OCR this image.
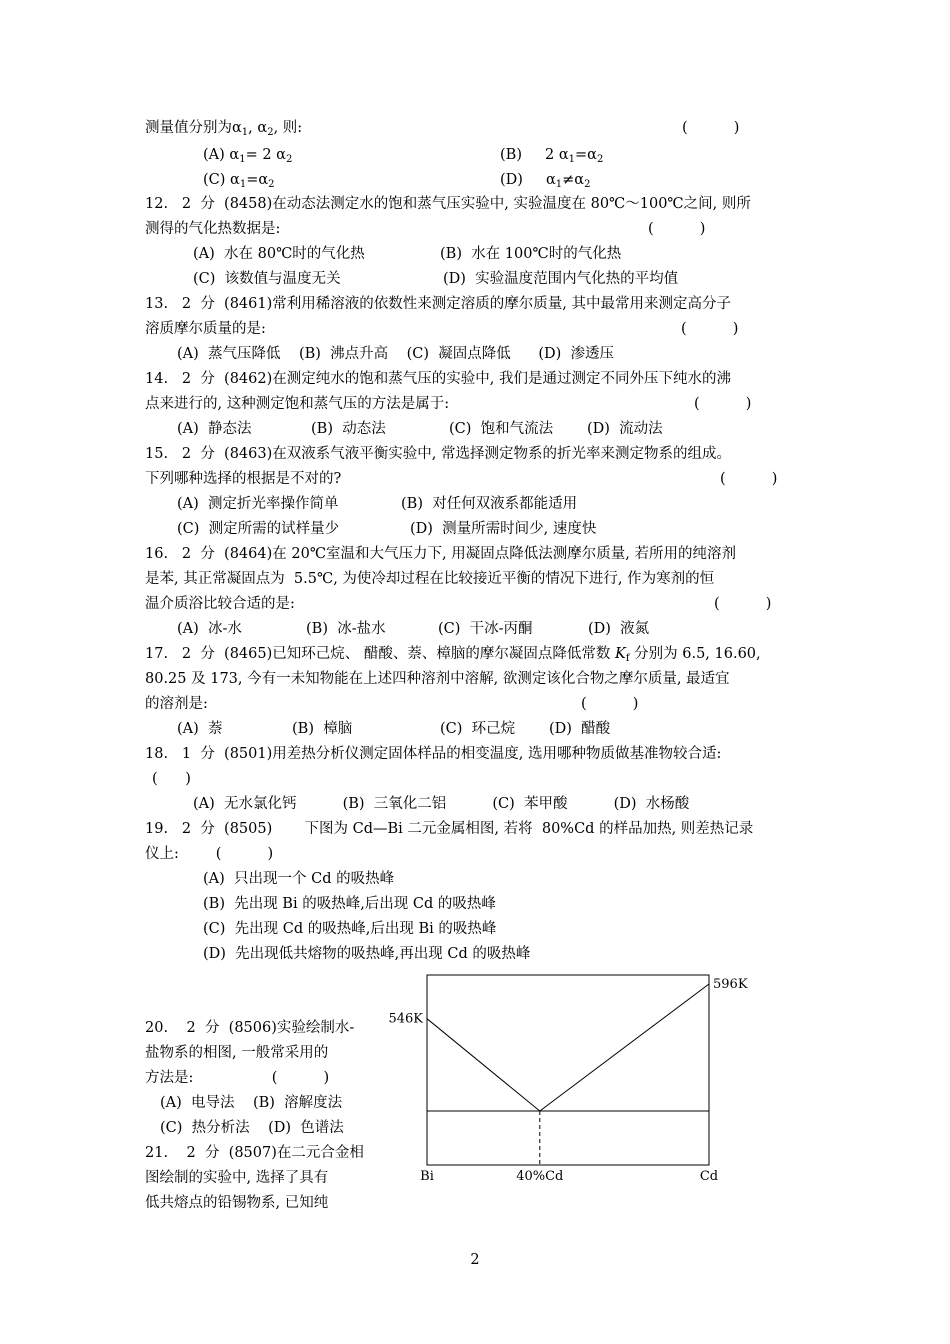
测量值分别为$\alpha_1$, $\alpha_2$, 则:	(          )
(A) $\alpha_1= 2$ $\alpha_2$	(B)     2 $\alpha_1=\alpha_2$
(C) $\alpha_1=\alpha_2$	(D)     $\alpha_1\ne\alpha_2$
12.   2  分  (8458)在动态法测定水的饱和蒸气压实验中, 实验温度在 80℃～100℃之间, 则所
测得的气化热数据是:	(          )
(A)  水在 80℃时的气化热	(B)  水在 100℃时的气化热
(C)  该数值与温度无关	(D)  实验温度范围内气化热的平均值
13.   2  分  (8461)常利用稀溶液的依数性来测定溶质的摩尔质量, 其中最常用来测定高分子
溶质摩尔质量的是:	(          )
(A)  蒸气压降低    (B)  沸点升高    (C)  凝固点降低      (D)  渗透压
14.   2  分  (8462)在测定纯水的饱和蒸气压的实验中, 我们是通过测定不同外压下纯水的沸
点来进行的, 这种测定饱和蒸气压的方法是属于:	(          )
(A)  静态法	(B)  动态法	(C)  饱和气流法 (D)  流动法
15.   2  分  (8463)在双液系气液平衡实验中, 常选择测定物系的折光率来测定物系的组成。
下列哪种选择的根据是不对的?	(          )
(A)  测定折光率操作简单	(B)  对任何双液系都能适用
(C)  测定所需的试样量少	(D)  测量所需时间少, 速度快
16.   2  分  (8464)在 20℃室温和大气压力下, 用凝固点降低法测摩尔质量, 若所用的纯溶剂
是苯, 其正常凝固点为  5.5℃, 为使冷却过程在比较接近平衡的情况下进行, 作为寒剂的恒
温介质浴比较合适的是:	(          )
(A)  冰-水	(B)  冰-盐水	(C)  干冰-丙酮	(D)  液氮
17.   2  分  (8465)已知环己烷、 醋酸、萘、樟脑的摩尔凝固点降低常数 $K_f$ 分别为 6.5, 16.60,
80.25 及 173, 今有一未知物能在上述四种溶剂中溶解, 欲测定该化合物之摩尔质量, 最适宜
的溶剂是:	(          )
(A)  萘	(B)  樟脑	(C)  环己烷 (D)  醋酸
18.   1  分  (8501)用差热分析仪测定固体样品的相变温度, 选用哪种物质做基准物较合适:
(      )
(A)  无水氯化钙          (B)  三氧化二铝          (C)  苯甲酸          (D)  水杨酸
19.   2  分  (8505)       下图为 Cd—Bi 二元金属相图, 若将  80%Cd 的样品加热, 则差热记录
仪上:        (          )
(A)  只出现一个 Cd 的吸热峰
(B)  先出现 Bi 的吸热峰,后出现 Cd 的吸热峰
(C)  先出现 Cd 的吸热峰,后出现 Bi 的吸热峰
(D)  先出现低共熔物的吸热峰,再出现 Cd 的吸热峰
20.    2  分  (8506)实验绘制水-
盐物系的相图, 一般常采用的
方法是:                 (          )
(A)  电导法    (B)  溶解度法
(C)  热分析法    (D)  色谱法
21.    2  分  (8507)在二元合金相
图绘制的实验中, 选择了具有
低共熔点的铅锡物系, 已知纯
546K
596K
Bi	40%Cd	Cd
2
